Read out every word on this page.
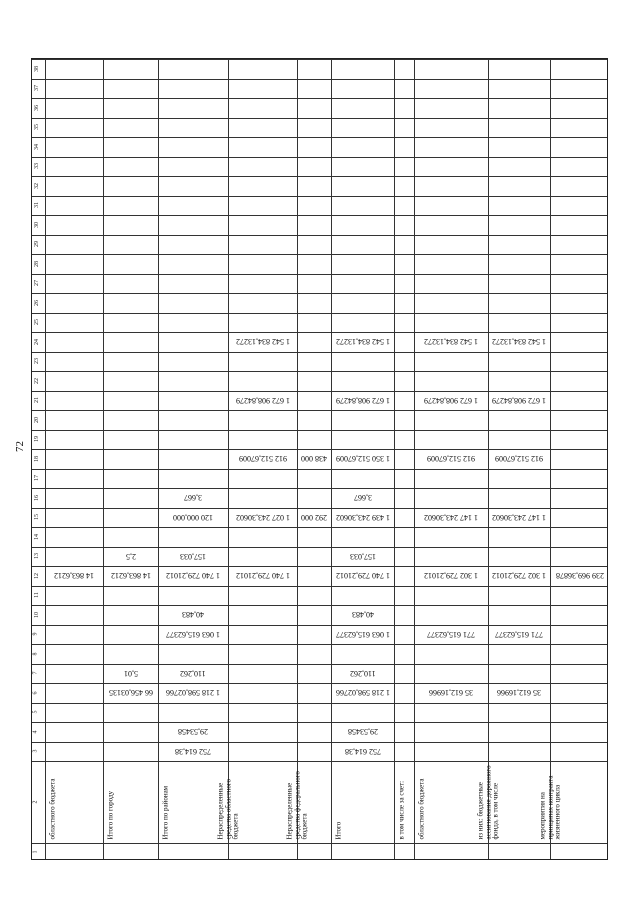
72
1
2
3
4
5
6
7
8
9
10
11
12
13
14
15
16
17
18
19
20
21
22
23
24
25
26
27
28
29
30
31
32
33
34
35
36
37
38
областного бюджета
14 863,6212
Итого по городу
66 456,03135
5,01
14 863,6212
2,5
Итого по районам
752 614,38
29,53458
1 218 598,02766
110,262
1 063 615,62377
40,483
1 740 729,21012
157,033
120 000,000
3,667
Нераспределенные средства областного бюджета
1 740 729,21012
1 027 243,30602
912 512,67009
1 672 908,84279
1 542 834,13272
Нераспределенные средства федерального бюджета
292 000
438 000
Итого
752 614,38
29,53458
1 218 598,02766
110,262
1 063 615,62377
40,483
1 740 729,21012
157,033
1 439 243,30602
3,667
1 350 512,67009
1 672 908,84279
1 542 834,13272
в том числе за счет: областного бюджета
35 612,16966
771 615,62377
1 302 729,21012
1 147 243,30602
912 512,67009
1 672 908,84279
1 542 834,13272
из них: бюджетные ассигнования дорожного фонда, в том числе
35 612,16966
771 615,62377
1 302 729,21012
1 147 243,30602
912 512,67009
1 672 908,84279
1 542 834,13272
мероприятия на принципах контракта жизненного цикла
239 969,36878
